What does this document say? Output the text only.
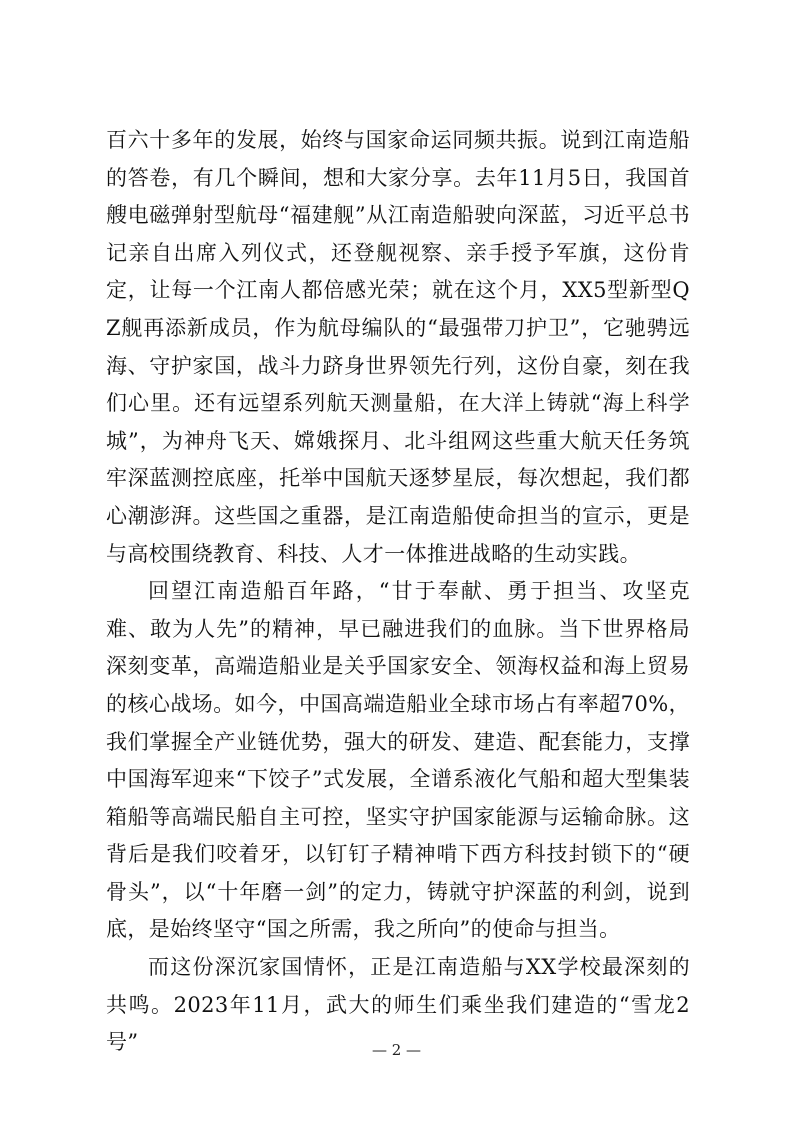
百六十多年的发展，始终与国家命运同频共振。说到江南造船的答卷，有几个瞬间，想和大家分享。去年11月5日，我国首艘电磁弹射型航母“福建舰”从江南造船驶向深蓝，习近平总书记亲自出席入列仪式，还登舰视察、亲手授予军旗，这份肯定，让每一个江南人都倍感光荣；就在这个月，XX5型新型QZ舰再添新成员，作为航母编队的“最强带刀护卫”，它驰骋远海、守护家国，战斗力跻身世界领先行列，这份自豪，刻在我们心里。还有远望系列航天测量船，在大洋上铸就“海上科学城”，为神舟飞天、嫦娥探月、北斗组网这些重大航天任务筑牢深蓝测控底座，托举中国航天逐梦星辰，每次想起，我们都心潮澎湃。这些国之重器，是江南造船使命担当的宣示，更是与高校围绕教育、科技、人才一体推进战略的生动实践。

回望江南造船百年路，“甘于奉献、勇于担当、攻坚克难、敢为人先”的精神，早已融进我们的血脉。当下世界格局深刻变革，高端造船业是关乎国家安全、领海权益和海上贸易的核心战场。如今，中国高端造船业全球市场占有率超70%，我们掌握全产业链优势，强大的研发、建造、配套能力，支撑中国海军迎来“下饺子”式发展，全谱系液化气船和超大型集装箱船等高端民船自主可控，坚实守护国家能源与运输命脉。这背后是我们咬着牙，以钉钉子精神啃下西方科技封锁下的“硬骨头”，以“十年磨一剑”的定力，铸就守护深蓝的利剑，说到底，是始终坚守“国之所需，我之所向”的使命与担当。

而这份深沉家国情怀，正是江南造船与XX学校最深刻的共鸣。2023年11月，武大的师生们乘坐我们建造的“雪龙2号”	— 2 —
